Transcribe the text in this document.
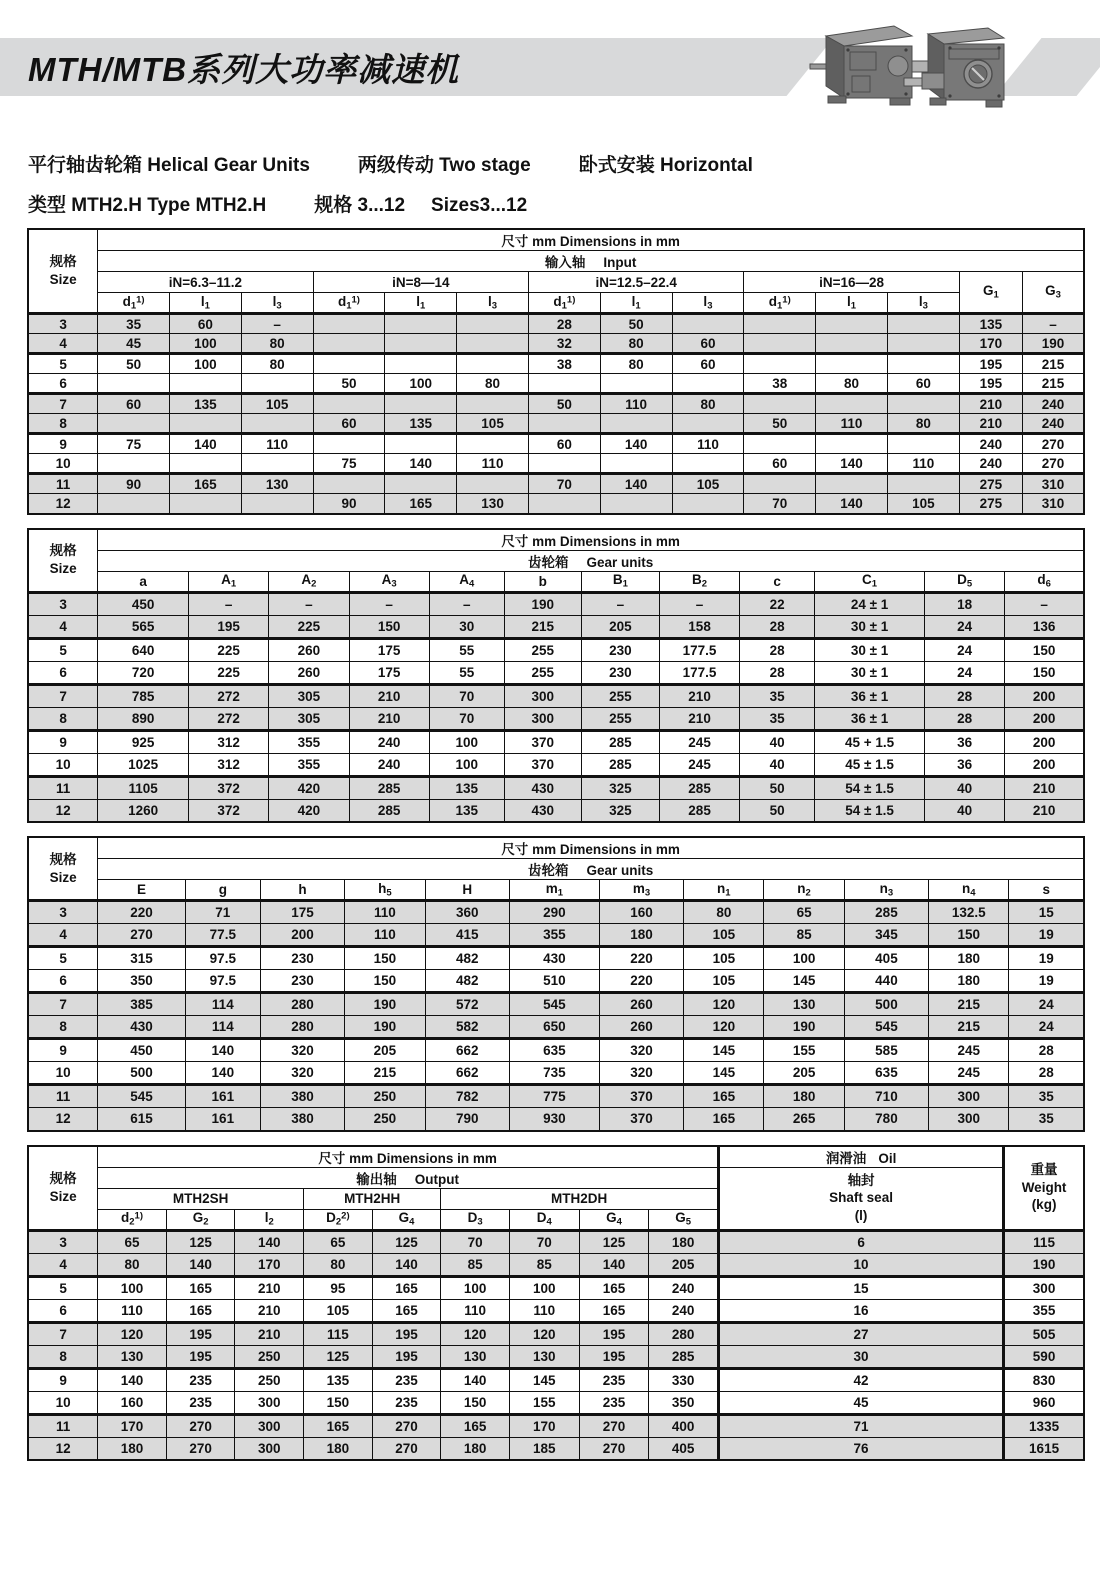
MTH/MTB系列大功率减速机
平行轴齿轮箱 Helical Gear Units	两级传动 Two stage	卧式安装 Horizontal
类型 MTH2.H Type MTH2.H	规格 3...12 Sizes3...12
规格
Size	尺寸 mm Dimensions in mm													
	输入轴 Input													
	iN=6.3–11.2			iN=8—14			iN=12.5–22.4			iN=16—28			$G_1$	$G_3$
	$d_1^{1)}$	$l_1$	$l_3$	$d_1^{1)}$	$l_1$	$l_3$	$d_1^{1)}$	$l_1$	$l_3$	$d_1^{1)}$	$l_1$	$l_3$
3	35	60	–				28	50					135	–
4	45	100	80				32	80	60				170	190
5	50	100	80				38	80	60				195	215
6				50	100	80				38	80	60	195	215
7	60	135	105				50	110	80				210	240
8				60	135	105				50	110	80	210	240
9	75	140	110				60	140	110				240	270
10				75	140	110				60	140	110	240	270
11	90	165	130				70	140	105				275	310
12				90	165	130				70	140	105	275	310
规格
Size	尺寸 mm Dimensions in mm											
	齿轮箱 Gear units											
	a	$A_1$	$A_2$	$A_3$	$A_4$	b	$B_1$	$B_2$	c	$C_1$	$D_5$	$d_6$
3	450	–	–	–	–	190	–	–	22	24 ± 1	18	–
4	565	195	225	150	30	215	205	158	28	30 ± 1	24	136
5	640	225	260	175	55	255	230	177.5	28	30 ± 1	24	150
6	720	225	260	175	55	255	230	177.5	28	30 ± 1	24	150
7	785	272	305	210	70	300	255	210	35	36 ± 1	28	200
8	890	272	305	210	70	300	255	210	35	36 ± 1	28	200
9	925	312	355	240	100	370	285	245	40	45 + 1.5	36	200
10	1025	312	355	240	100	370	285	245	40	45 ± 1.5	36	200
11	1105	372	420	285	135	430	325	285	50	54 ± 1.5	40	210
12	1260	372	420	285	135	430	325	285	50	54 ± 1.5	40	210
规格
Size	尺寸 mm Dimensions in mm											
	齿轮箱 Gear units											
	E	g	h	$h_5$	H	$m_1$	$m_3$	$n_1$	$n_2$	$n_3$	$n_4$	s
3	220	71	175	110	360	290	160	80	65	285	132.5	15
4	270	77.5	200	110	415	355	180	105	85	345	150	19
5	315	97.5	230	150	482	430	220	105	100	405	180	19
6	350	97.5	230	150	482	510	220	105	145	440	180	19
7	385	114	280	190	572	545	260	120	130	500	215	24
8	430	114	280	190	582	650	260	120	190	545	215	24
9	450	140	320	205	662	635	320	145	155	585	245	28
10	500	140	320	215	662	735	320	145	205	635	245	28
11	545	161	380	250	782	775	370	165	180	710	300	35
12	615	161	380	250	790	930	370	165	265	780	300	35
规格
Size	尺寸 mm Dimensions in mm									润滑油 Oil	重量
Weight
(kg)

	输出轴 Output									轴封
Shaft seal
(l)	

	MTH2SH			MTH2HH		MTH2DH					
	$d_2^{1)}$	$G_2$	$l_2$	$D_2^{2)}$	$G_4$	$D_3$	$D_4$	$G_4$	$G_5$
3	65	125	140	65	125	70	70	125	180	6	115
4	80	140	170	80	140	85	85	140	205	10	190
5	100	165	210	95	165	100	100	165	240	15	300
6	110	165	210	105	165	110	110	165	240	16	355
7	120	195	210	115	195	120	120	195	280	27	505
8	130	195	250	125	195	130	130	195	285	30	590
9	140	235	250	135	235	140	145	235	330	42	830
10	160	235	300	150	235	150	155	235	350	45	960
11	170	270	300	165	270	165	170	270	400	71	1335
12	180	270	300	180	270	180	185	270	405	76	1615
